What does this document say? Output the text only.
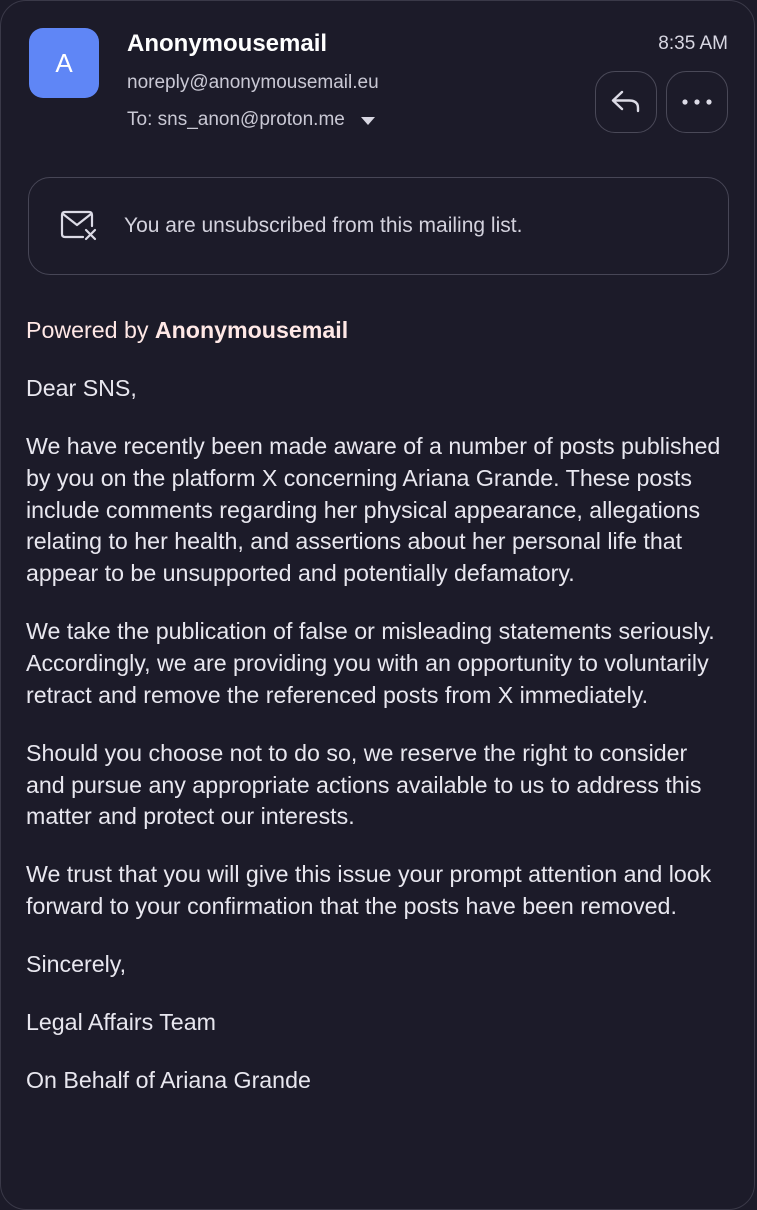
A
Anonymousemail
noreply@anonymousemail.eu
To: sns_anon@proton.me
8:35 AM
You are unsubscribed from this mailing list.

Powered by Anonymousemail

Dear SNS,

We have recently been made aware of a number of posts published by you on the platform X concerning Ariana Grande. These posts include comments regarding her physical appearance, allegations relating to her health, and assertions about her personal life that appear to be unsupported and potentially defamatory.

We take the publication of false or misleading statements seriously. Accordingly, we are providing you with an opportunity to voluntarily retract and remove the referenced posts from X immediately.

Should you choose not to do so, we reserve the right to consider and pursue any appropriate actions available to us to address this matter and protect our interests.

We trust that you will give this issue your prompt attention and look forward to your confirmation that the posts have been removed.

Sincerely,

Legal Affairs Team

On Behalf of Ariana Grande
